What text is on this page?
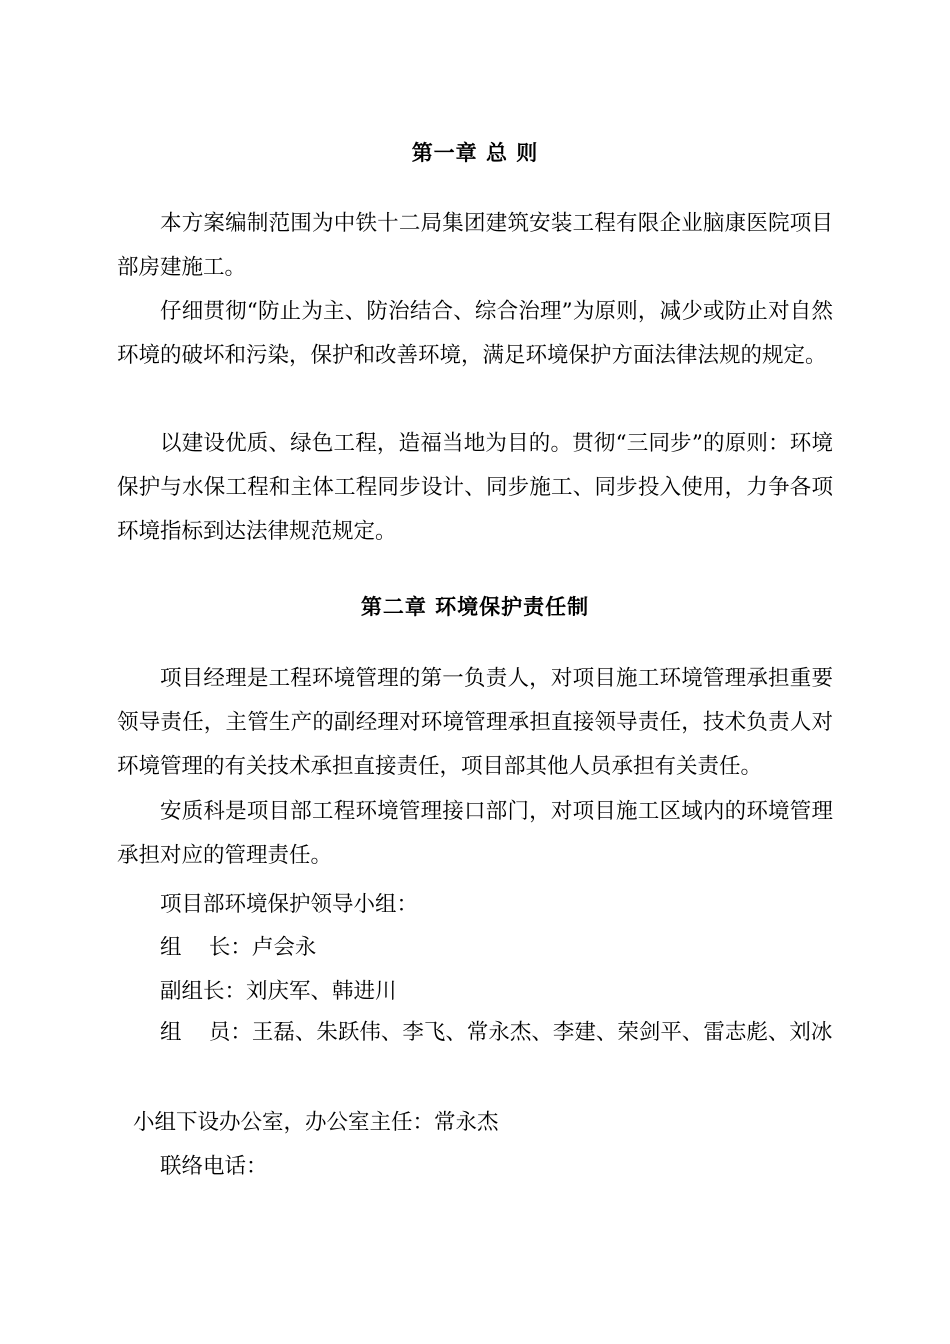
第一章 总 则
本方案编制范围为中铁十二局集团建筑安装工程有限企业脑康医院项目部房建施工。
仔细贯彻“防止为主、防治结合、综合治理”为原则，减少或防止对自然环境的破坏和污染，保护和改善环境，满足环境保护方面法律法规的规定。
以建设优质、绿色工程，造福当地为目的。贯彻“三同步”的原则：环境保护与水保工程和主体工程同步设计、同步施工、同步投入使用，力争各项环境指标到达法律规范规定。
第二章 环境保护责任制
项目经理是工程环境管理的第一负责人，对项目施工环境管理承担重要领导责任，主管生产的副经理对环境管理承担直接领导责任，技术负责人对环境管理的有关技术承担直接责任，项目部其他人员承担有关责任。
安质科是项目部工程环境管理接口部门，对项目施工区域内的环境管理承担对应的管理责任。
项目部环境保护领导小组：
组    长：卢会永
副组长：刘庆军、韩进川
组    员：王磊、朱跃伟、李飞、常永杰、李建、荣剑平、雷志彪、刘冰
小组下设办公室，办公室主任：常永杰
联络电话：
